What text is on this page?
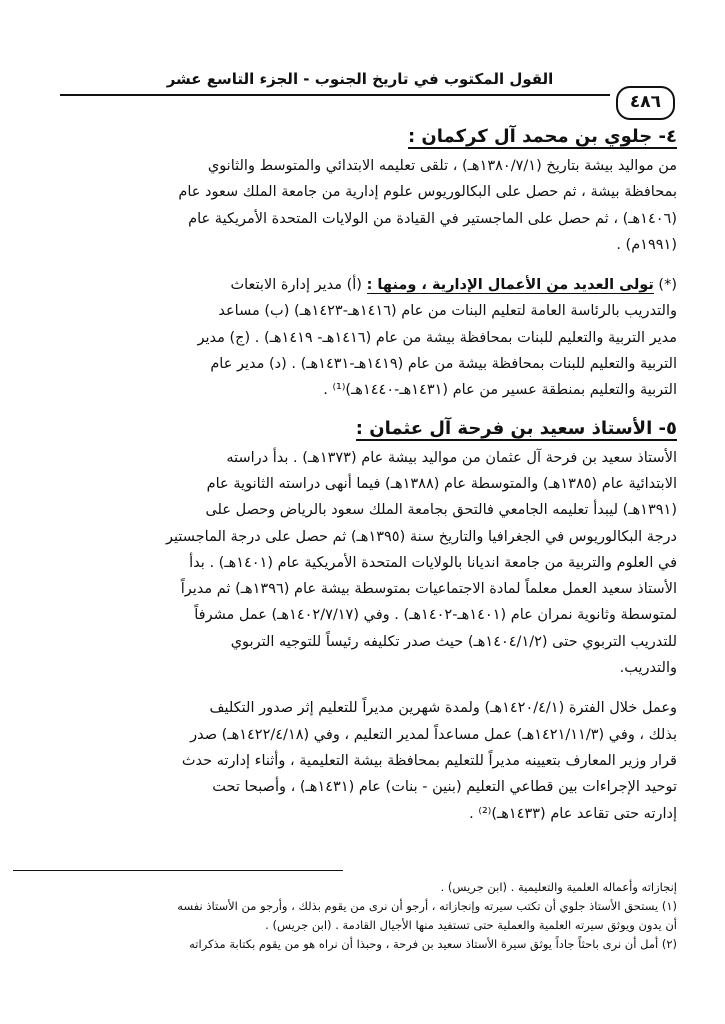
القول المكتوب في تاريخ الجنوب - الجزء التاسع عشر
٤٨٦
٤- جلوي بن محمد آل كركمان :
من مواليد بيشة بتاريخ (١٣٨٠/٧/١هـ) ، تلقى تعليمه الابتدائي والمتوسط والثانوي
بمحافظة بيشة ، ثم حصل على البكالوريوس علوم إدارية من جامعة الملك سعود عام
(١٤٠٦هـ) ، ثم حصل على الماجستير في القيادة من الولايات المتحدة الأمريكية عام
(١٩٩١م) .
(*) تولى العديد من الأعمال الإدارية ، ومنها : (أ) مدير إدارة الابتعاث
والتدريب بالرئاسة العامة لتعليم البنات من عام (١٤١٦هـ-١٤٢٣هـ) (ب) مساعد
مدير التربية والتعليم للبنات بمحافظة بيشة من عام (١٤١٦هـ- ١٤١٩هـ) . (ج) مدير
التربية والتعليم للبنات بمحافظة بيشة من عام (١٤١٩هـ-١٤٣١هـ) . (د) مدير عام
التربية والتعليم بمنطقة عسير من عام (١٤٣١هـ-١٤٤٠هـ)⁽¹⁾ .
٥- الأستاذ سعيد بن فرحة آل عثمان :
الأستاذ سعيد بن فرحة آل عثمان من مواليد بيشة عام (١٣٧٣هـ) . بدأ دراسته
الابتدائية عام (١٣٨٥هـ) والمتوسطة عام (١٣٨٨هـ) فيما أنهى دراسته الثانوية عام
(١٣٩١هـ) ليبدأ تعليمه الجامعي فالتحق بجامعة الملك سعود بالرياض وحصل على
درجة البكالوريوس في الجغرافيا والتاريخ سنة (١٣٩٥هـ) ثم حصل على درجة الماجستير
في العلوم والتربية من جامعة انديانا بالولايات المتحدة الأمريكية عام (١٤٠١هـ) . بدأ
الأستاذ سعيد العمل معلماً لمادة الاجتماعيات بمتوسطة بيشة عام (١٣٩٦هـ) ثم مديراً
لمتوسطة وثانوية نمران عام (١٤٠١هـ-١٤٠٢هـ) . وفي (١٤٠٢/٧/١٧هـ) عمل مشرفاً
للتدريب التربوي حتى (١٤٠٤/١/٢هـ) حيث صدر تكليفه رئيساً للتوجيه التربوي
والتدريب.
وعمل خلال الفترة (١٤٢٠/٤/١هـ) ولمدة شهرين مديراً للتعليم إثر صدور التكليف
بذلك ، وفي (١٤٢١/١١/٣هـ) عمل مساعداً لمدير التعليم ، وفي (١٤٢٢/٤/١٨هـ) صدر
قرار وزير المعارف بتعيينه مديراً للتعليم بمحافظة بيشة التعليمية ، وأثناء إدارته حدث
توحيد الإجراءات بين قطاعي التعليم (بنين - بنات) عام (١٤٣١هـ) ، وأصبحا تحت
إدارته حتى تقاعد عام (١٤٣٣هـ)⁽²⁾ .
إنجازاته وأعماله العلمية والتعليمية . (ابن جريس) .
(١) يستحق الأستاذ جلوي أن تكتب سيرته وإنجازاته ، أرجو أن نرى من يقوم بذلك ، وأرجو من الأستاذ نفسه
أن يدون ويوثق سيرته العلمية والعملية حتى تستفيد منها الأجيال القادمة . (ابن جريس) .
(٢) أمل أن نرى باحثاً جاداً يوثق سيرة الأستاذ سعيد بن فرحة ، وحبذا أن نراه هو من يقوم بكتابة مذكراته
